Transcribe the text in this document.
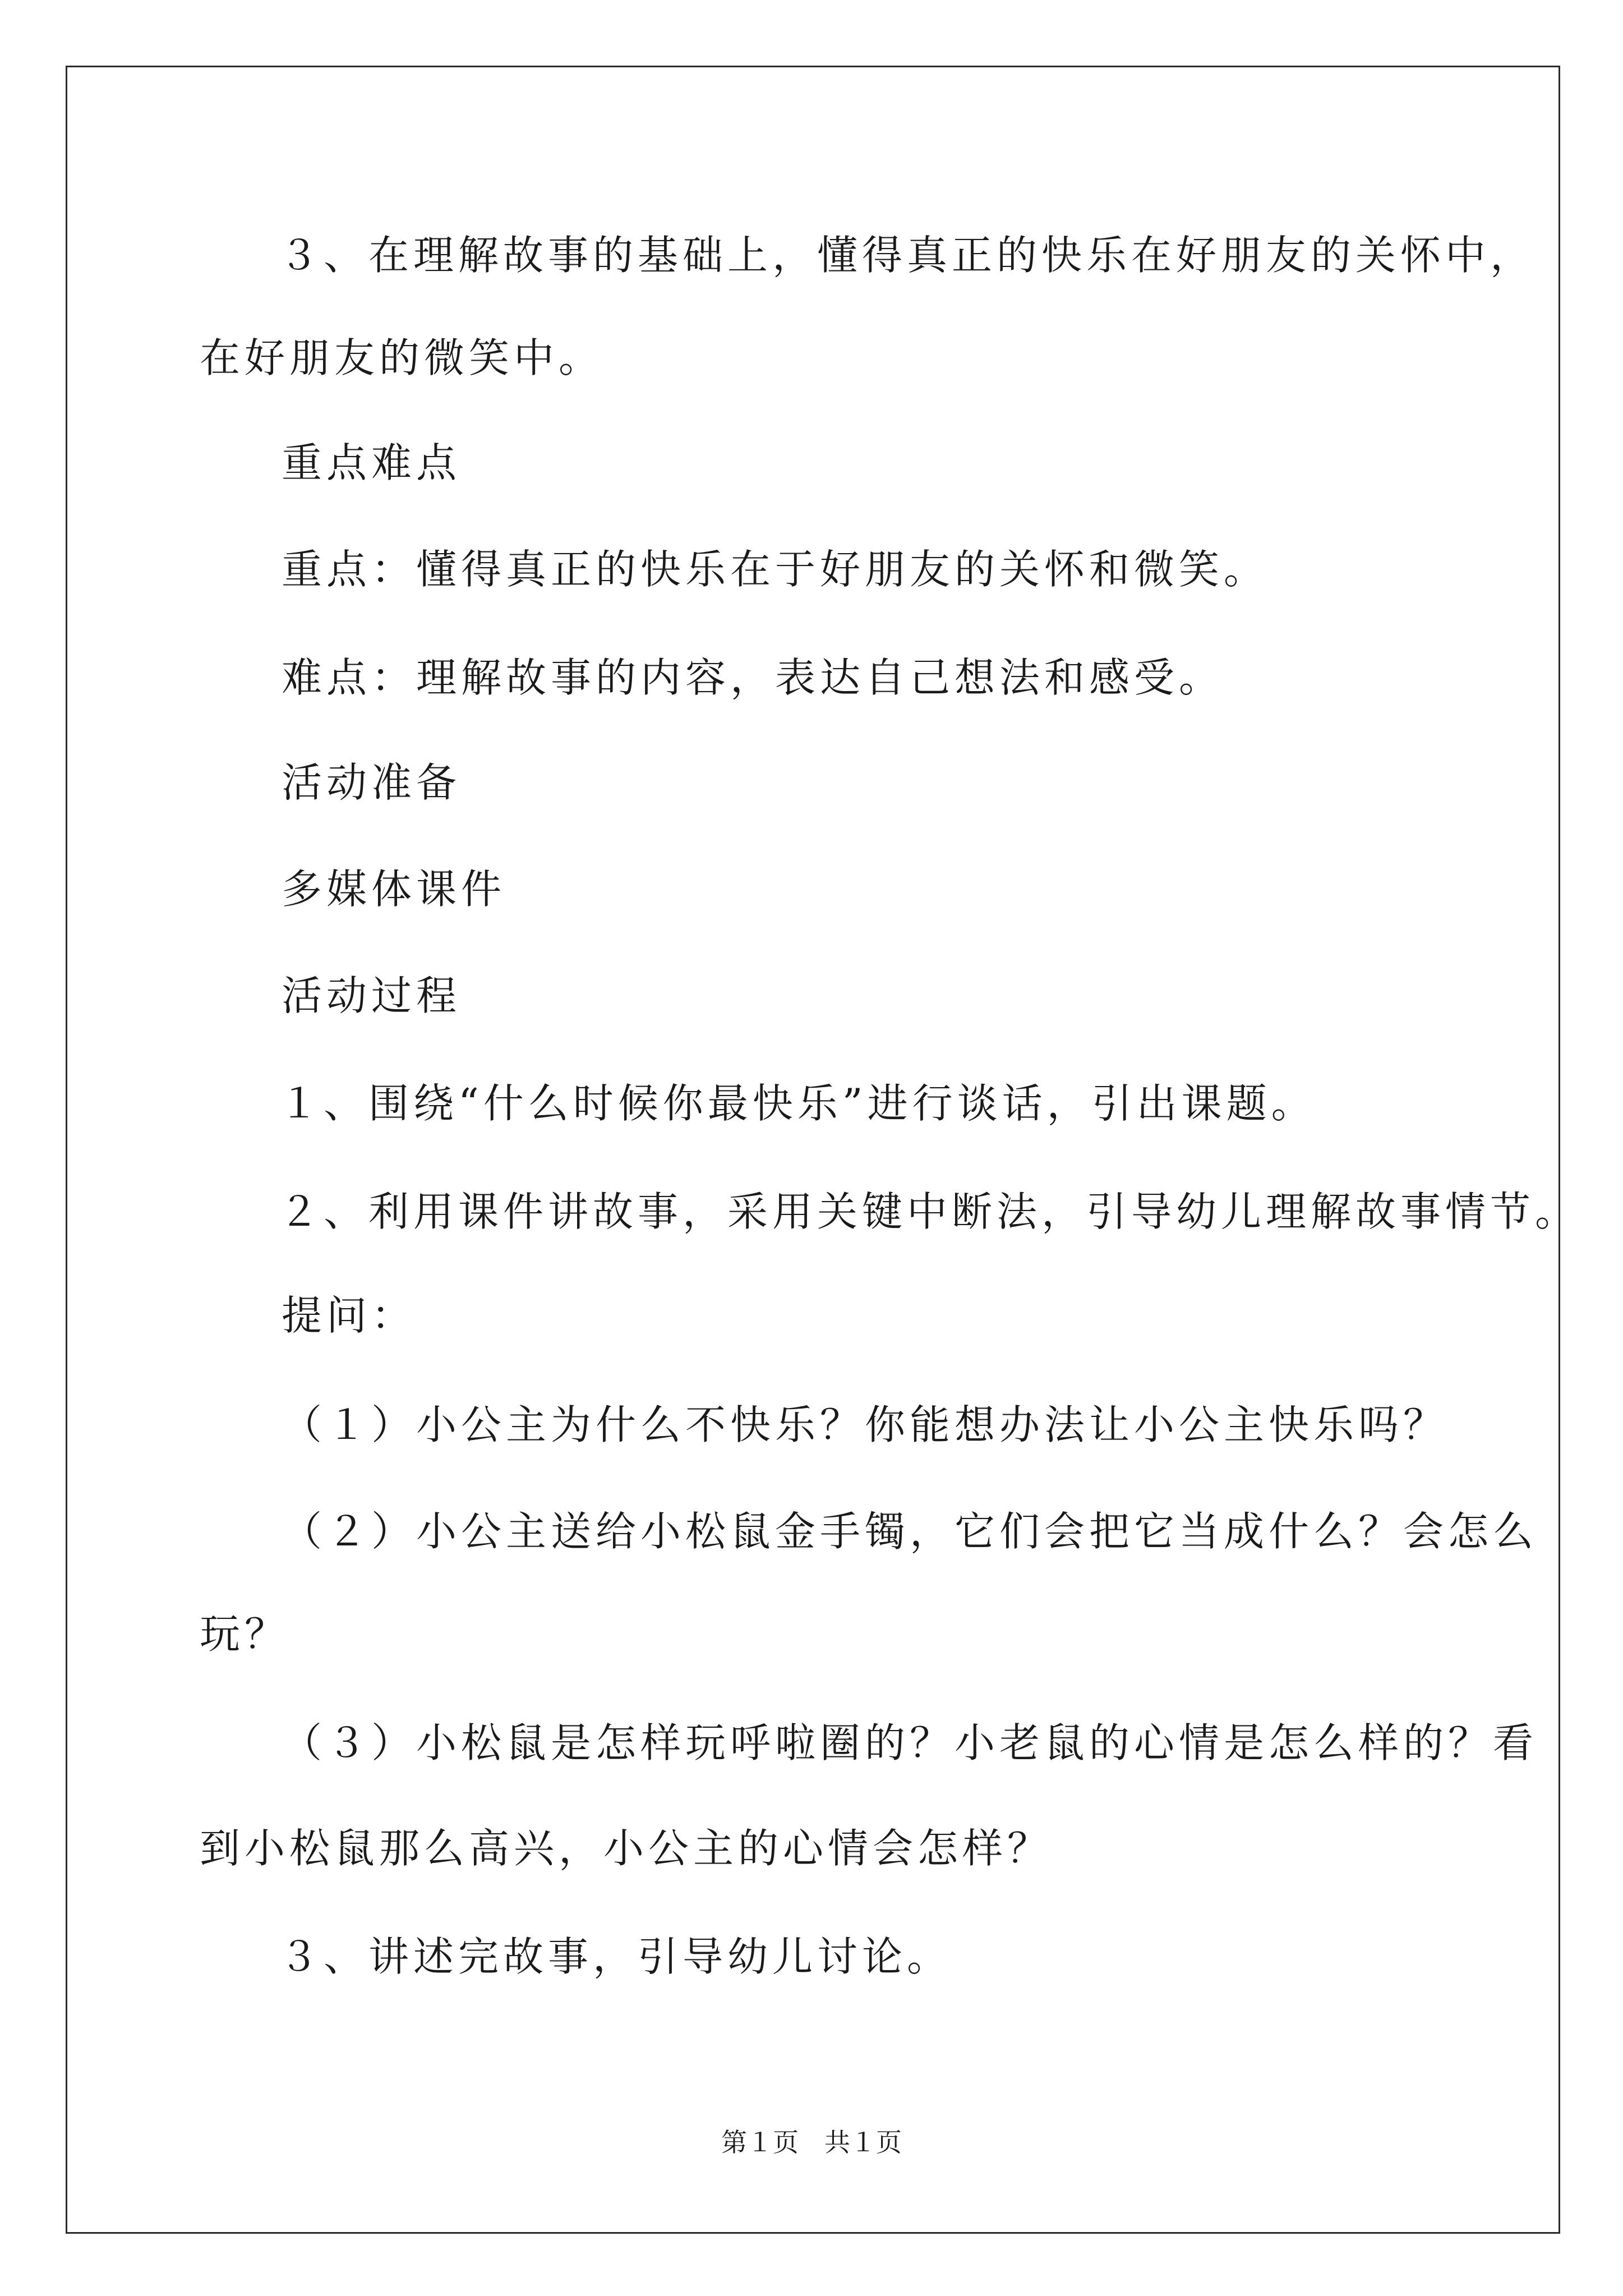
３、在理解故事的基础上，懂得真正的快乐在好朋友的关怀中，
在好朋友的微笑中。
重点难点
重点：懂得真正的快乐在于好朋友的关怀和微笑。
难点：理解故事的内容，表达自己想法和感受。
活动准备
多媒体课件
活动过程
１、围绕“什么时候你最快乐”进行谈话，引出课题。
２、利用课件讲故事，采用关键中断法，引导幼儿理解故事情节。
提问：
（１）小公主为什么不快乐？你能想办法让小公主快乐吗？
（２）小公主送给小松鼠金手镯，它们会把它当成什么？会怎么
玩？
（３）小松鼠是怎样玩呼啦圈的？小老鼠的心情是怎么样的？看
到小松鼠那么高兴，小公主的心情会怎样？
３、讲述完故事，引导幼儿讨论。
第１页　共１页
